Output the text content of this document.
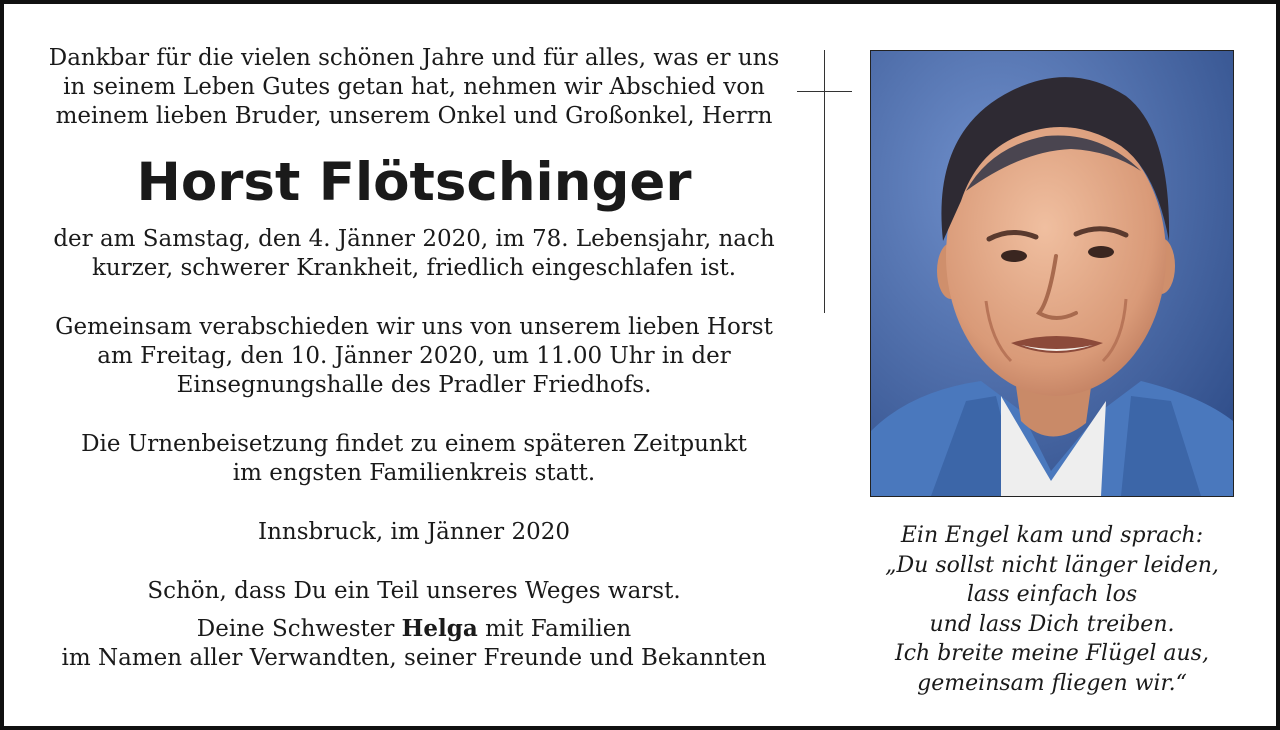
Dankbar für die vielen schönen Jahre und für alles, was er uns

in seinem Leben Gutes getan hat, nehmen wir Abschied von

meinem lieben Bruder, unserem Onkel und Großonkel, Herrn

Horst Flötschinger

der am Samstag, den 4. Jänner 2020, im 78. Lebensjahr, nach

kurzer, schwerer Krankheit, friedlich eingeschlafen ist.

Gemeinsam verabschieden wir uns von unserem lieben Horst

am Freitag, den 10. Jänner 2020, um 11.00 Uhr in der

Einsegnungshalle des Pradler Friedhofs.

Die Urnenbeisetzung findet zu einem späteren Zeitpunkt

im engsten Familienkreis statt.

Innsbruck, im Jänner 2020

Schön, dass Du ein Teil unseres Weges warst.

Deine Schwester Helga mit Familien

im Namen aller Verwandten, seiner Freunde und Bekannten

Ein Engel kam und sprach:

„Du sollst nicht länger leiden,

lass einfach los

und lass Dich treiben.

Ich breite meine Flügel aus,

gemeinsam fliegen wir.“
